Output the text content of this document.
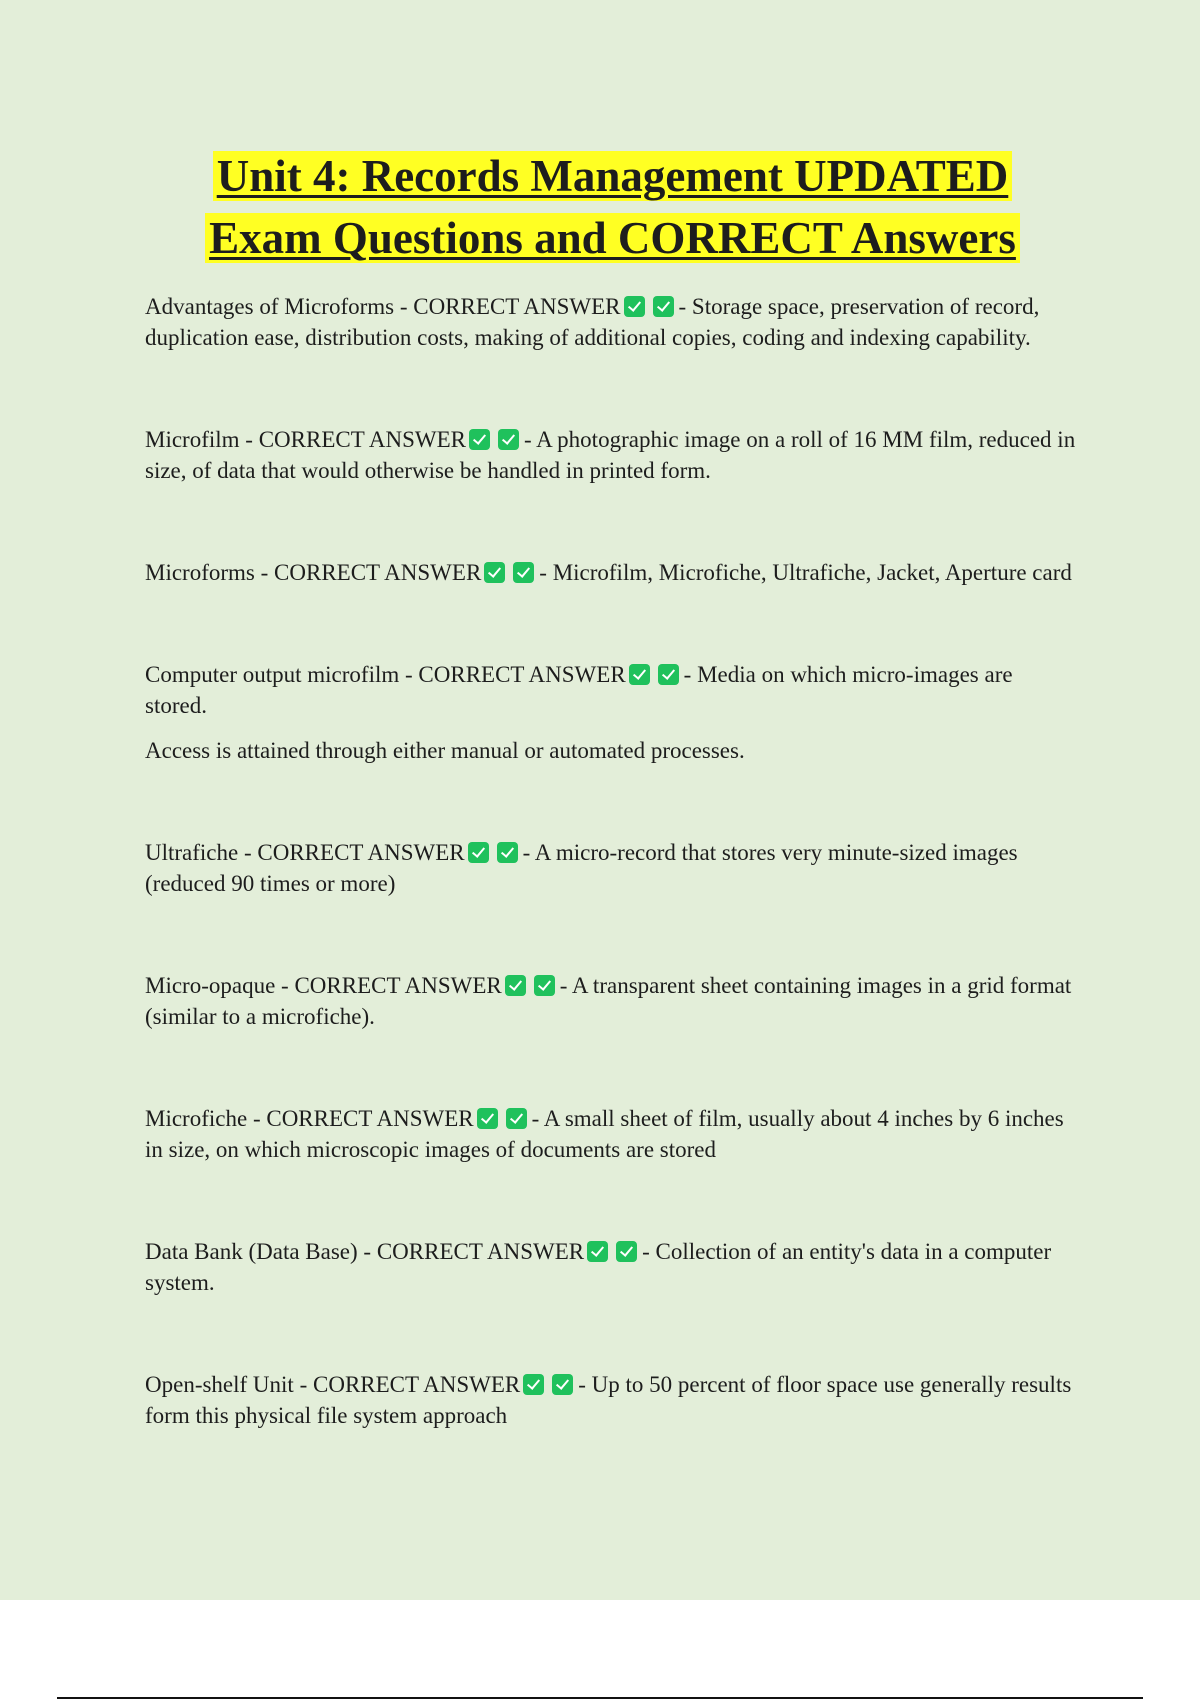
Unit 4: Records Management UPDATED
Exam Questions and CORRECT Answers

Advantages of Microforms - CORRECT ANSWER	- Storage space, preservation of record, duplication ease, distribution costs, making of additional copies, coding and indexing capability.

Microfilm - CORRECT ANSWER	- A photographic image on a roll of 16 MM film, reduced in size, of data that would otherwise be handled in printed form.

Microforms - CORRECT ANSWER	- Microfilm, Microfiche, Ultrafiche, Jacket, Aperture card

Computer output microfilm - CORRECT ANSWER	- Media on which micro-images are stored.

Access is attained through either manual or automated processes.

Ultrafiche - CORRECT ANSWER	- A micro-record that stores very minute-sized images (reduced 90 times or more)

Micro-opaque - CORRECT ANSWER	- A transparent sheet containing images in a grid format (similar to a microfiche).

Microfiche - CORRECT ANSWER	- A small sheet of film, usually about 4 inches by 6 inches in size, on which microscopic images of documents are stored

Data Bank (Data Base) - CORRECT ANSWER	- Collection of an entity's data in a computer system.

Open-shelf Unit - CORRECT ANSWER	- Up to 50 percent of floor space use generally results form this physical file system approach
